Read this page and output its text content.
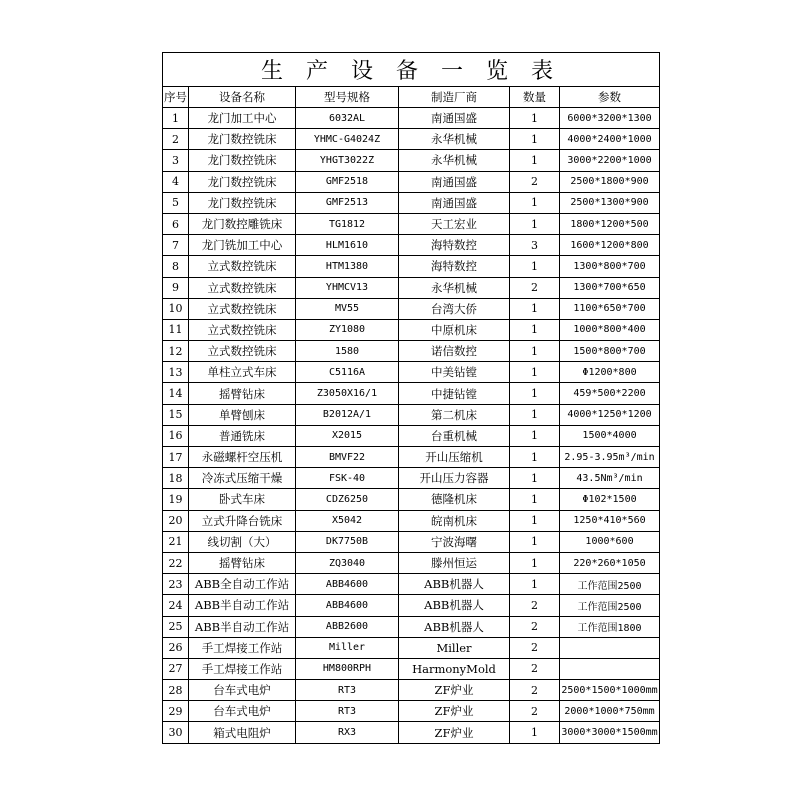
生 产 设 备 一 览 表					
序号	设备名称	型号规格	制造厂商	数量	参数
1	龙门加工中心	6032AL	南通国盛	1	6000*3200*1300
2	龙门数控铣床	YHMC-G4024Z	永华机械	1	4000*2400*1000
3	龙门数控铣床	YHGT3022Z	永华机械	1	3000*2200*1000
4	龙门数控铣床	GMF2518	南通国盛	2	2500*1800*900
5	龙门数控铣床	GMF2513	南通国盛	1	2500*1300*900
6	龙门数控雕铣床	TG1812	天工宏业	1	1800*1200*500
7	龙门铣加工中心	HLM1610	海特数控	3	1600*1200*800
8	立式数控铣床	HTM1380	海特数控	1	1300*800*700
9	立式数控铣床	YHMCV13	永华机械	2	1300*700*650
10	立式数控铣床	MV55	台湾大侨	1	1100*650*700
11	立式数控铣床	ZY1080	中原机床	1	1000*800*400
12	立式数控铣床	1580	诺信数控	1	1500*800*700
13	单柱立式车床	C5116A	中美钻镗	1	Φ1200*800
14	摇臂钻床	Z3050X16/1	中捷钻镗	1	459*500*2200
15	单臂刨床	B2012A/1	第二机床	1	4000*1250*1200
16	普通铣床	X2015	台重机械	1	1500*4000
17	永磁螺杆空压机	BMVF22	开山压缩机	1	2.95-3.95m³/min
18	冷冻式压缩干燥	FSK-40	开山压力容器	1	43.5Nm³/min
19	卧式车床	CDZ6250	德隆机床	1	Φ102*1500
20	立式升降台铣床	X5042	皖南机床	1	1250*410*560
21	线切割（大）	DK7750B	宁波海曙	1	1000*600
22	摇臂钻床	ZQ3040	滕州恒运	1	220*260*1050
23	ABB全自动工作站	ABB4600	ABB机器人	1	工作范围2500
24	ABB半自动工作站	ABB4600	ABB机器人	2	工作范围2500
25	ABB半自动工作站	ABB2600	ABB机器人	2	工作范围1800
26	手工焊接工作站	Miller	Miller	2	
27	手工焊接工作站	HM800RPH	HarmonyMold	2	
28	台车式电炉	RT3	ZF炉业	2	2500*1500*1000mm
29	台车式电炉	RT3	ZF炉业	2	2000*1000*750mm
30	箱式电阻炉	RX3	ZF炉业	1	3000*3000*1500mm
